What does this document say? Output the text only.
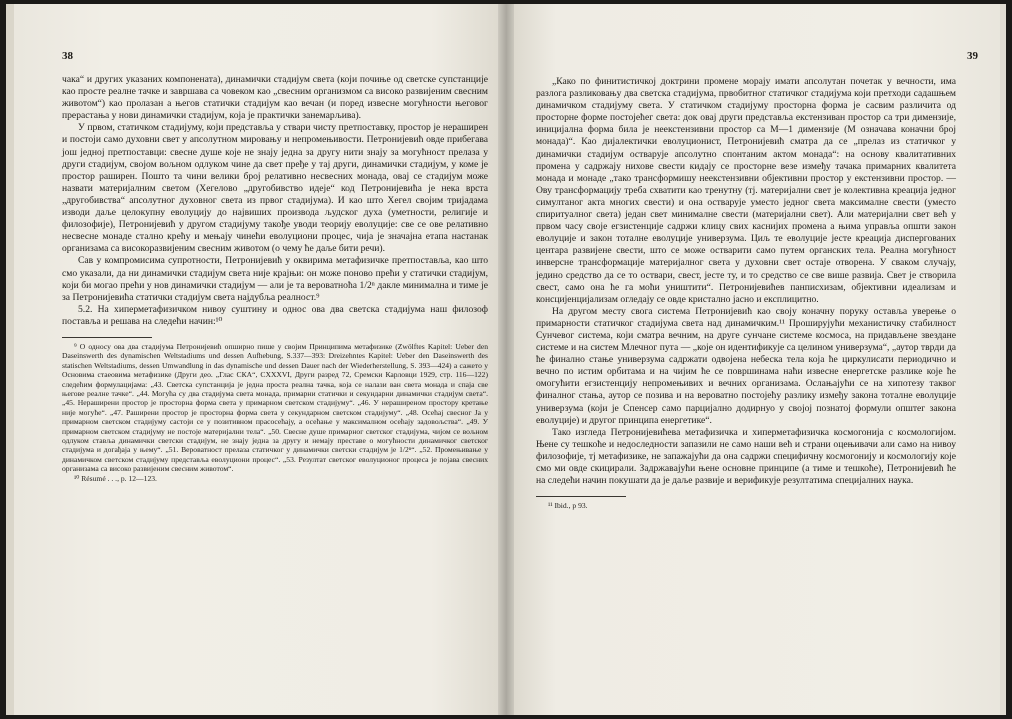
38

чака“ и других указаних компонената), динамички стадијум света (који почиње од светске супстанције као просте реалне тачке и завршава са човеком као „свесним организмом са високо развијеним свесним животом“) као пролазан а његов статички стадијум као вечан (и поред извесне могућности његовог прерастања у нови динамички стадијум, која је практички занемарљива).

У првом, статичком стадијуму, који представља у ствари чисту претпоставку, простор је нераширен и постоји само духовни свет у апсолутном мировању и непромењивости. Петронијевић овде прибегава још једној претпоставци: свесне душе које не знају једна за другу нити знају за могућност прелаза у други стадијум, својом вољном одлуком чине да свет пређе у тај други, динамички стадијум, у коме је простор раширен. Пошто та чини велики број релативно несвесних монада, овај се стадијум може назвати материјалним светом (Хегелово „другобивство идеје“ код Петронијевића је нека врста „другобивства“ апсолутног духовног света из првог стадијума). И као што Хегел својим тријадама изводи даље целокупну еволуцију до највиших производа људског духа (уметности, религије и филозофије), Петронијевић у другом стадијуму такође уводи теорију еволуције: све се ове релативно несвесне монаде стално крећу и мењају чинећи еволуциони процес, чија је значајна етапа настанак организама са високоразвијеним свесним животом (о чему ће даље бити речи).

Сав у компромисима супротности, Петронијевић у оквирима метафизичке претпоставља, као што смо указали, да ни динамички стадијум света није крајњи: он може поново прећи у статички стадијум, који би могао прећи у нов динамички стадијум — али је та вероватноћа 1/2ⁿ дакле минимална и тиме је за Петронијевића статички стадијум света најдубља реалност.⁹

5.2. На хиперметафизичком нивоу суштину и однос ова два светска стадијума наш филозоф поставља и решава на следећи начин:¹⁰

⁹ О односу ова два стадијума Петронијевић опширно пише у својим Принципима метафизике (Zwölftes Kapitel: Ueber den Daseinswerth des dynamischen Weltstadiums und dessen Aufhebung, S.337—393: Dreizehntes Kapitel: Ueber den Daseinswerth des statischen Weltstadiums, dessen Umwandlung in das dynamische und dessen Dauer nach der Wiederherstellung, S. 393—424) а сажето у Основима стаеовима метафизике (Други део. „Глас СКА“, CXXXVI, Други разред 72, Сремски Карловци 1929, стр. 116—122) следећим формулацијама: „43. Светска супстанција је једна проста реална тачка, која се налази ван света монада и спаја све његове реалне тачке“. „44. Могућа су два стадијума света монада, примарни статички и секундарни динамички стадијум света“. „45. Нераширени простор је просторна форма света у примарном светском стадијуму“. „46. У нераширеном простору кретање није могуће“. „47. Раширени простор је просторна форма света у секундарном светском стадијуму“. „48. Осећај свесног Ја у примарном светском стадијуму састоји се у позитивном прасосећају, а осећање у максималном осећају задовољства“. „49. У примарном светском стадијуму не постоје материјални тела“. „50. Свесне душе примарног светског стадијума, чијом се вољном одлуком ставља динамички светски стадијум, не знају једна за другу и немају преставе о могућности динамичког светског стадијума и догађаја у њему“. „51. Вероватност прелаза статичког у динамички светски стадијум је 1/2ⁿ“. „52. Промењивање у динамичком светском стадијуму представља еволуциони процес“. „53. Резултат светског еволуционог процеса је појава свесних организама са високо развијеним свесним животом“.

¹⁰ Résumé . . ., р. 12—123.

39

„Како по финитистичкој доктрини промене морају имати апсолутан почетак у вечности, има разлога разликовању два светска стадијума, првобитног статичког стадијума који претходи садашњем динамичком стадијуму света. У статичком стадијуму просторна форма је сасвим различита од просторне форме постојећег света: док овај други представља екстензиван простор са три димензије, иницијална форма била је неекстензивни простор са М—1 димензије (М означава коначни број монада)“. Као дијалектички еволуционист, Петронијевић сматра да се „прелаз из статичког у динамички стадијум остварује апсолутно спонтаним актом монада“: на основу квалитативних промена у садржају нихове свести кидају се просторне везе између тачака примарних квалитета монада и монаде „тако трансформишу неекстензивни објективни простор у екстензивни простор. — Ову трансформацију треба схватити као тренутну (тј. материјални свет је колективна креација једног симултаног акта многих свести) и она остварује уместо једног света максималне свести (уместо спиритуалног света) један свет минималне свести (материјални свет). Али материјални свет већ у првом часу своје егзистенције садржи клицу свих каснијих промена а њима управља општи закон еволуције и закон тоталне еволуције универзума. Циљ те еволуције јесте креација диспергованих центара развијене свести, што се може остварити само путем органских тела. Реална могућност инверсне трансформације материјалног света у духовни свет остаје отворена. У сваком случају, једино средство да се то оствари, свест, јесте ту, и то средство се све више развија. Свет је створила свест, само она ће га моћи уништити“. Петронијевићев панписхизам, објективни идеализам и консцијенцијализам огледају се овде кристално јасно и експлицитно.

На другом месту свога система Петронијевић као своју коначну поруку оставља уверење о примарности статичког стадијума света над динамичким.¹¹ Проширујући механистичку стабилност Сунчевог система, који сматра вечним, на друге сунчане системе космоса, на придављене звездане системе и на систем Млечног пута — „које он идентификује са целином универзума“, „аутор тврди да ће финално стање универзума садржати одвојена небеска тела која ће циркулисати периодично и вечно по истим орбитама и на чијим ће се површинама наћи извесне енергетске разлике које ће омогућити егзистенцију непромењивих и вечних организама. Ослањајући се на хипотезу таквог финалног стања, аутор се позива и на вероватно постојећу разлику између закона тоталне еволуције универзума (који је Спенсер само парцијално додирнуо у својој познатој формули општег закона еволуције) и другог принципа енергетике“.

Тако изгледа Петронијевићева метафизичка и хиперметафизичка космогонија с космологијом. Њене су тешкоће и недоследности запазили не само наши већ и страни оцењивачи али само на нивоу филозофије, тј метафизике, не запажајући да она садржи специфичну космогонију и космологију које смо ми овде скицирали. Задржавајући њене основне принципе (а тиме и тешкоће), Петронијевић ће на следећи начин покушати да је даље развије и верификује резултатима специјалних наука.

¹¹ Ibid., р 93.
